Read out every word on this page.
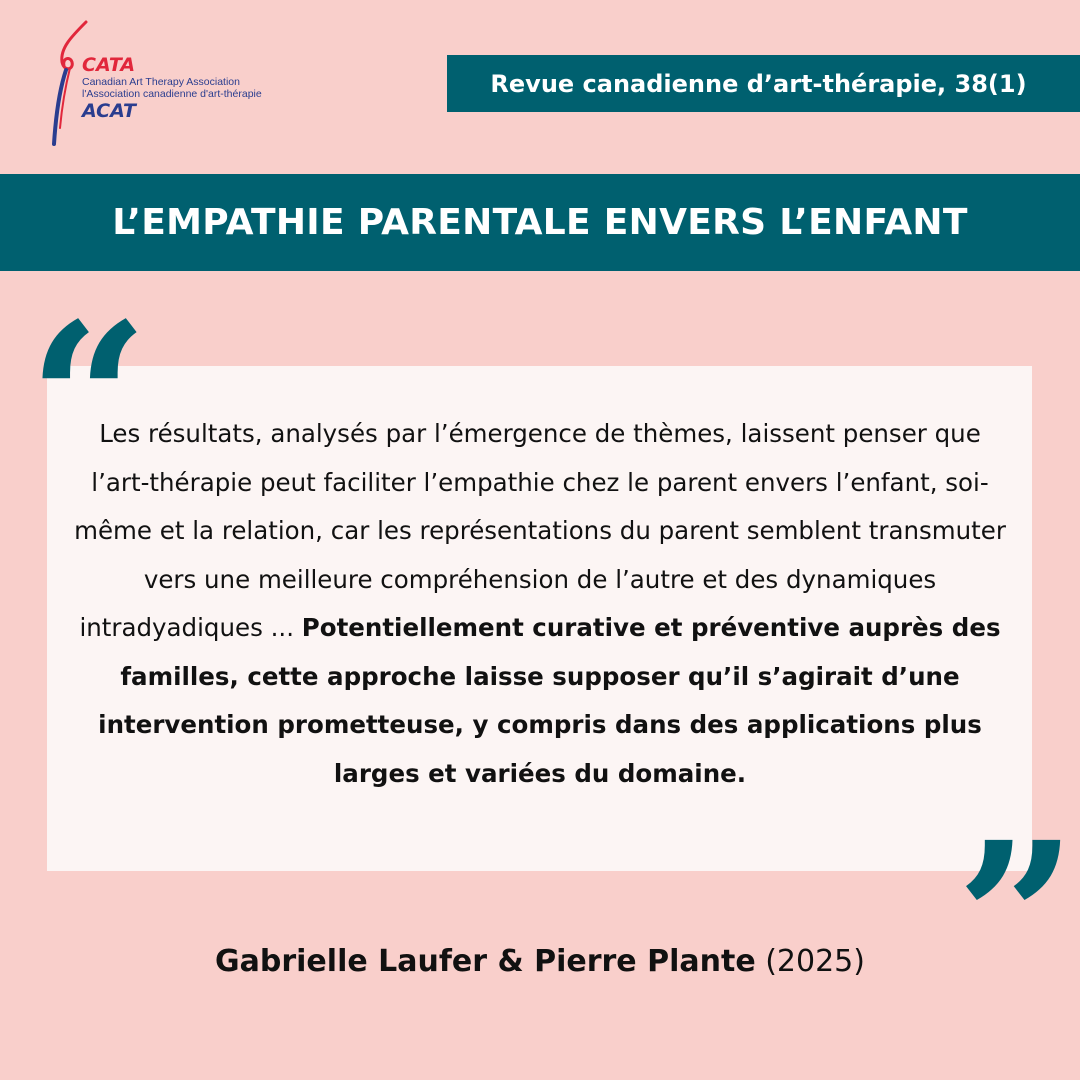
CATA
Canadian Art Therapy Association
l'Association canadienne d'art-thérapie
ACAT
Revue canadienne d’art-thérapie, 38(1)
L’EMPATHIE PARENTALE ENVERS L’ENFANT
“
Les résultats, analysés par l’émergence de thèmes, laissent penser que l’art-thérapie peut faciliter l’empathie chez le parent envers l’enfant, soi-même et la relation, car les représentations du parent semblent transmuter vers une meilleure compréhension de l’autre et des dynamiques intradyadiques ... Potentiellement curative et préventive auprès des familles, cette approche laisse supposer qu’il s’agirait d’une intervention prometteuse, y compris dans des applications plus larges et variées du domaine.
”
Gabrielle Laufer & Pierre Plante (2025)
